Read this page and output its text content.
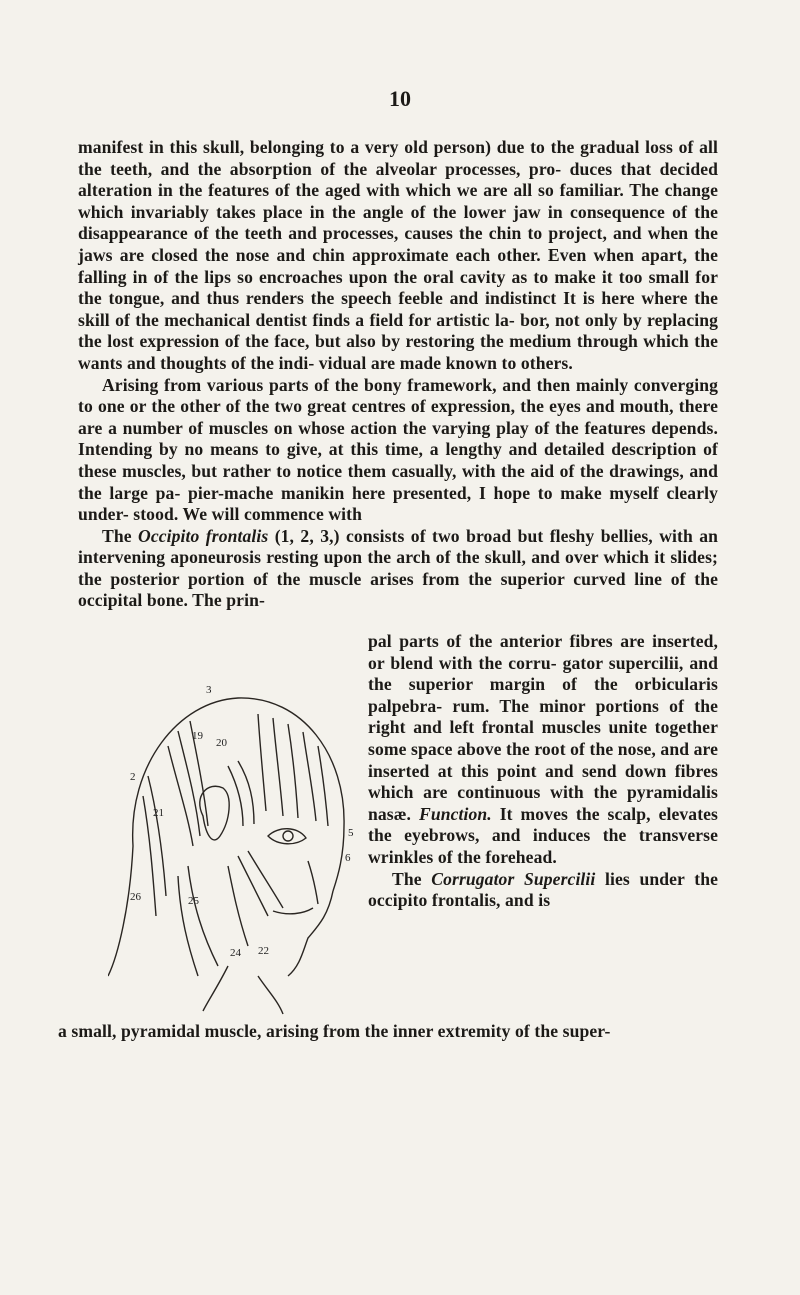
10

manifest in this skull, belonging to a very old person) due to the gradual loss of all the teeth, and the absorption of the alveolar processes, pro- duces that decided alteration in the features of the aged with which we are all so familiar. The change which invariably takes place in the angle of the lower jaw in consequence of the disappearance of the teeth and processes, causes the chin to project, and when the jaws are closed the nose and chin approximate each other. Even when apart, the falling in of the lips so encroaches upon the oral cavity as to make it too small for the tongue, and thus renders the speech feeble and indistinct It is here where the skill of the mechanical dentist finds a field for artistic la- bor, not only by replacing the lost expression of the face, but also by restoring the medium through which the wants and thoughts of the indi- vidual are made known to others.

Arising from various parts of the bony framework, and then mainly converging to one or the other of the two great centres of expression, the eyes and mouth, there are a number of muscles on whose action the varying play of the features depends. Intending by no means to give, at this time, a lengthy and detailed description of these muscles, but rather to notice them casually, with the aid of the drawings, and the large pa- pier-mache manikin here presented, I hope to make myself clearly under- stood. We will commence with

The Occipito frontalis (1, 2, 3,) consists of two broad but fleshy bellies, with an intervening aponeurosis resting upon the arch of the skull, and over which it slides; the posterior portion of the muscle arises from the superior curved line of the occipital bone. The prin-

3
19
20
2
21
5
6
26	25
24 22

pal parts of the anterior fibres are inserted, or blend with the corru- gator supercilii, and the superior margin of the orbicularis palpebra- rum. The minor portions of the right and left frontal muscles unite together some space above the root of the nose, and are inserted at this point and send down fibres which are continuous with the pyramidalis nasæ. Function. It moves the scalp, elevates the eyebrows, and induces the transverse wrinkles of the forehead.

The Corrugator Supercilii lies under the occipito frontalis, and is

a small, pyramidal muscle, arising from the inner extremity of the super-
